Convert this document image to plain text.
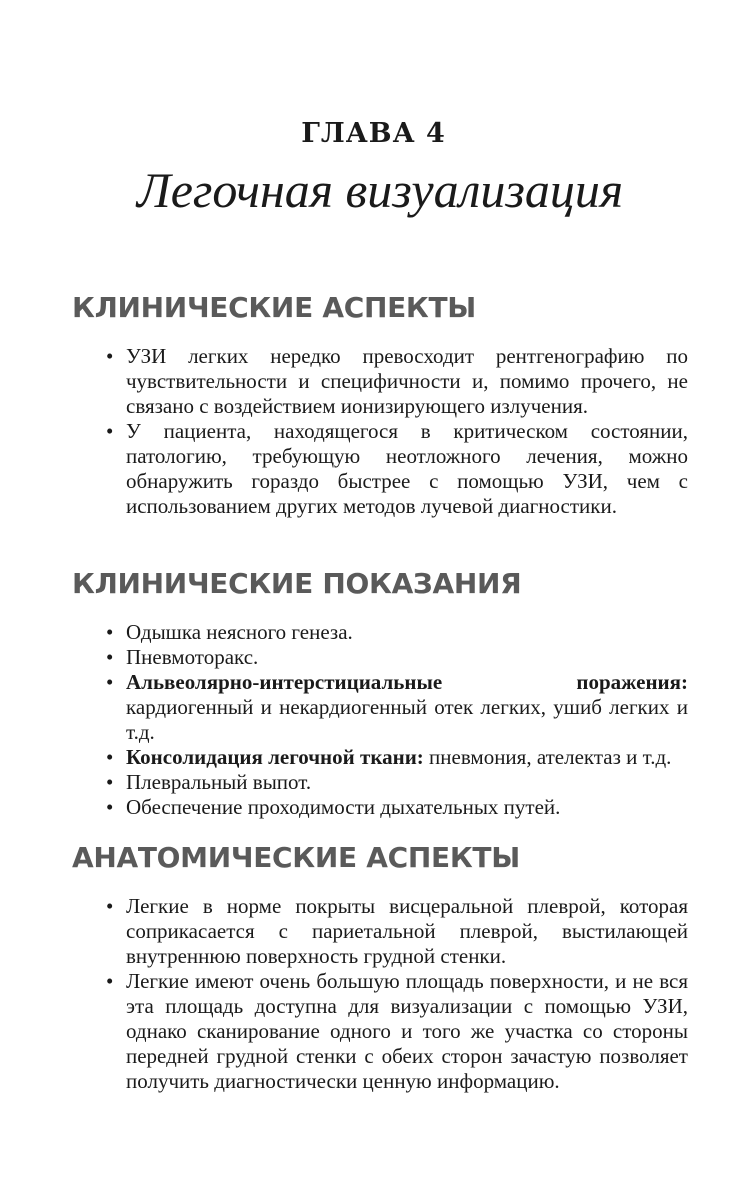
ГЛАВА 4
Легочная визуализация
КЛИНИЧЕСКИЕ АСПЕКТЫ
• УЗИ легких нередко превосходит рентгенографию по чувствительности и специфичности и, помимо прочего, не связано с воздействием ионизирующего излучения.
• У пациента, находящегося в критическом состоянии, патологию, требующую неотложного лечения, можно обнаружить гораздо быстрее с помощью УЗИ, чем с использованием других методов лучевой диагностики.
КЛИНИЧЕСКИЕ ПОКАЗАНИЯ
• Одышка неясного генеза.
• Пневмоторакс.
• Альвеолярно-интерстициальные поражения: кардиогенный и некардиогенный отек легких, ушиб легких и т.д.
• Консолидация легочной ткани: пневмония, ателектаз и т.д.
• Плевральный выпот.
• Обеспечение проходимости дыхательных путей.
АНАТОМИЧЕСКИЕ АСПЕКТЫ
• Легкие в норме покрыты висцеральной плеврой, которая соприкасается с париетальной плеврой, выстилающей внутреннюю поверхность грудной стенки.
• Легкие имеют очень большую площадь поверхности, и не вся эта площадь доступна для визуализации с помощью УЗИ, однако сканирование одного и того же участка со стороны передней грудной стенки с обеих сторон зачастую позволяет получить диагностически ценную информацию.
